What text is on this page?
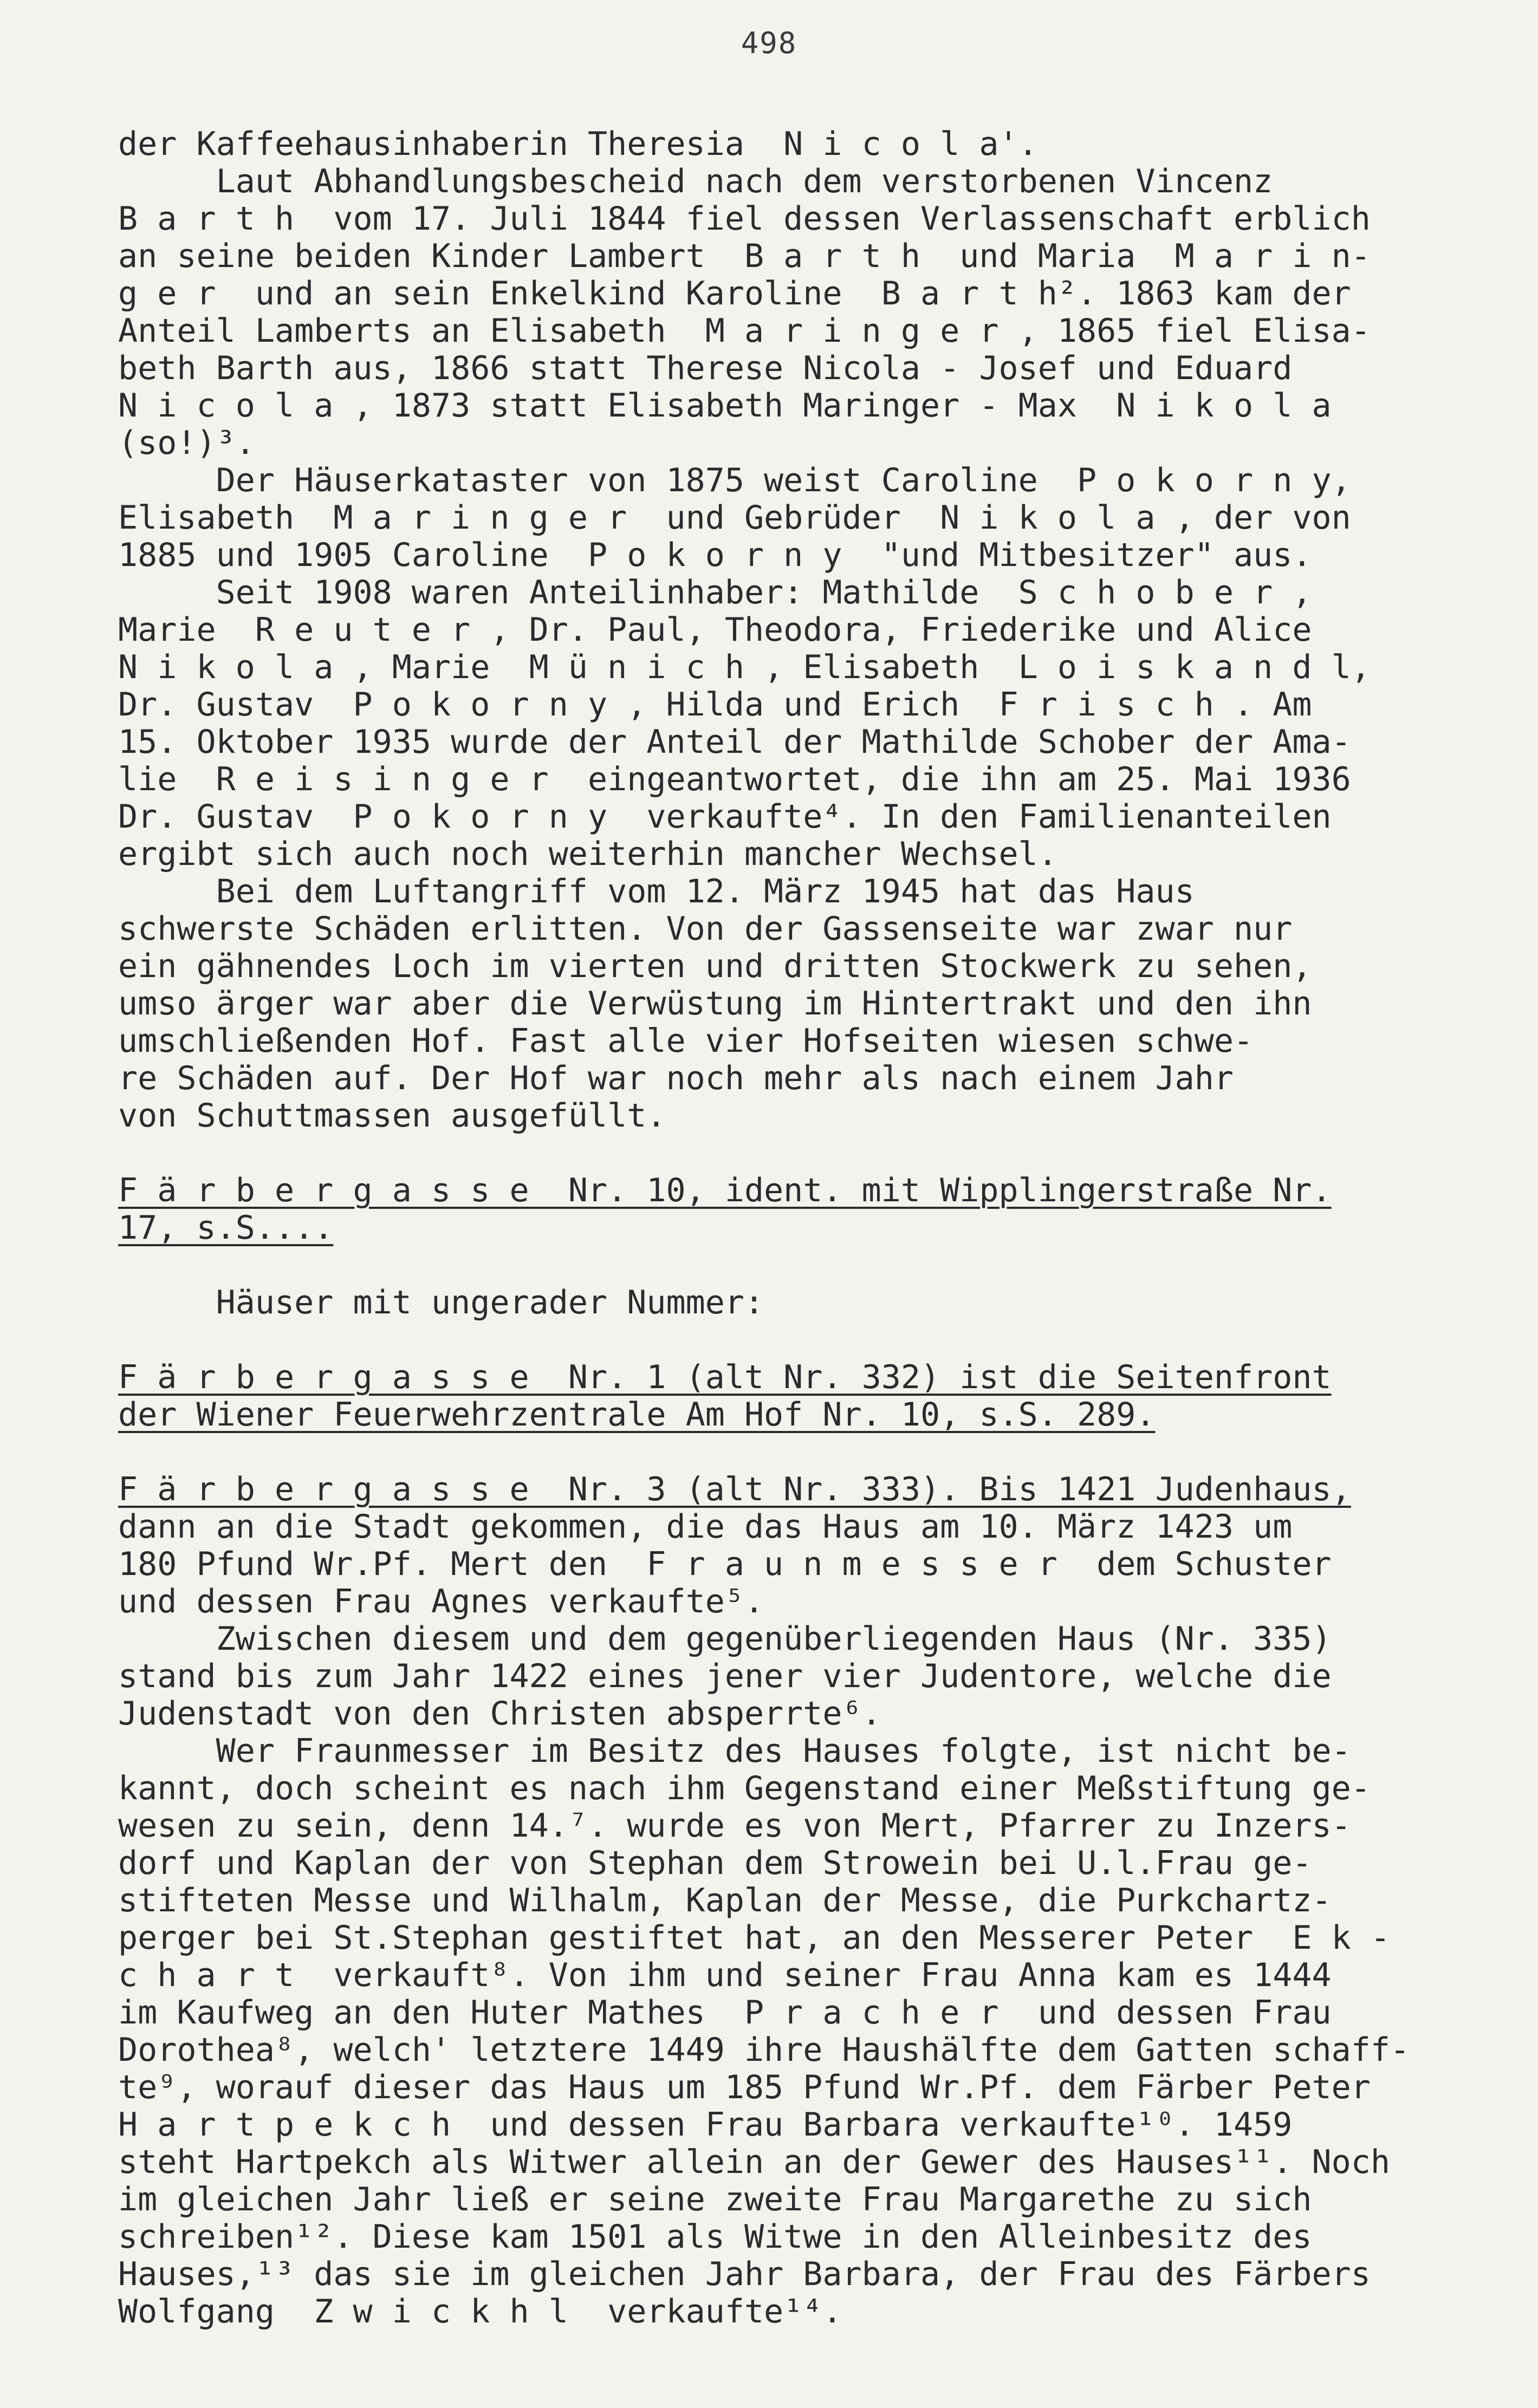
498
der Kaffeehausinhaberin Theresia  N i c o l a'.
Laut Abhandlungsbescheid nach dem verstorbenen Vincenz
B a r t h  vom 17. Juli 1844 fiel dessen Verlassenschaft erblich
an seine beiden Kinder Lambert  B a r t h  und Maria  M a r i n-
g e r  und an sein Enkelkind Karoline  B a r t h². 1863 kam der
Anteil Lamberts an Elisabeth  M a r i n g e r , 1865 fiel Elisa-
beth Barth aus, 1866 statt Therese Nicola - Josef und Eduard
N i c o l a , 1873 statt Elisabeth Maringer - Max  N i k o l a
(so!)³.
Der Häuserkataster von 1875 weist Caroline  P o k o r n y,
Elisabeth  M a r i n g e r  und Gebrüder  N i k o l a , der von
1885 und 1905 Caroline  P o k o r n y  "und Mitbesitzer" aus.
Seit 1908 waren Anteilinhaber: Mathilde  S c h o b e r ,
Marie  R e u t e r , Dr. Paul, Theodora, Friederike und Alice
N i k o l a , Marie  M ü n i c h , Elisabeth  L o i s k a n d l,
Dr. Gustav  P o k o r n y , Hilda und Erich  F r i s c h . Am
15. Oktober 1935 wurde der Anteil der Mathilde Schober der Ama-
lie  R e i s i n g e r  eingeantwortet, die ihn am 25. Mai 1936
Dr. Gustav  P o k o r n y  verkaufte⁴. In den Familienanteilen
ergibt sich auch noch weiterhin mancher Wechsel.
Bei dem Luftangriff vom 12. März 1945 hat das Haus
schwerste Schäden erlitten. Von der Gassenseite war zwar nur
ein gähnendes Loch im vierten und dritten Stockwerk zu sehen,
umso ärger war aber die Verwüstung im Hintertrakt und den ihn
umschließenden Hof. Fast alle vier Hofseiten wiesen schwe-
re Schäden auf. Der Hof war noch mehr als nach einem Jahr
von Schuttmassen ausgefüllt.
F ä r b e r g a s s e  Nr. 10, ident. mit Wipplingerstraße Nr.
17, s.S....
Häuser mit ungerader Nummer:
F ä r b e r g a s s e  Nr. 1 (alt Nr. 332) ist die Seitenfront
der Wiener Feuerwehrzentrale Am Hof Nr. 10, s.S. 289.
F ä r b e r g a s s e  Nr. 3 (alt Nr. 333). Bis 1421 Judenhaus,
dann an die Stadt gekommen, die das Haus am 10. März 1423 um
180 Pfund Wr.Pf. Mert den  F r a u n m e s s e r  dem Schuster
und dessen Frau Agnes verkaufte⁵.
Zwischen diesem und dem gegenüberliegenden Haus (Nr. 335)
stand bis zum Jahr 1422 eines jener vier Judentore, welche die
Judenstadt von den Christen absperrte⁶.
Wer Fraunmesser im Besitz des Hauses folgte, ist nicht be-
kannt, doch scheint es nach ihm Gegenstand einer Meßstiftung ge-
wesen zu sein, denn 14.⁷. wurde es von Mert, Pfarrer zu Inzers-
dorf und Kaplan der von Stephan dem Strowein bei U.l.Frau ge-
stifteten Messe und Wilhalm, Kaplan der Messe, die Purkchartz-
perger bei St.Stephan gestiftet hat, an den Messerer Peter  E k -
c h a r t  verkauft⁸. Von ihm und seiner Frau Anna kam es 1444
im Kaufweg an den Huter Mathes  P r a c h e r  und dessen Frau
Dorothea⁸, welch' letztere 1449 ihre Haushälfte dem Gatten schaff-
te⁹, worauf dieser das Haus um 185 Pfund Wr.Pf. dem Färber Peter
H a r t p e k c h  und dessen Frau Barbara verkaufte¹⁰. 1459
steht Hartpekch als Witwer allein an der Gewer des Hauses¹¹. Noch
im gleichen Jahr ließ er seine zweite Frau Margarethe zu sich
schreiben¹². Diese kam 1501 als Witwe in den Alleinbesitz des
Hauses,¹³ das sie im gleichen Jahr Barbara, der Frau des Färbers
Wolfgang  Z w i c k h l  verkaufte¹⁴.
